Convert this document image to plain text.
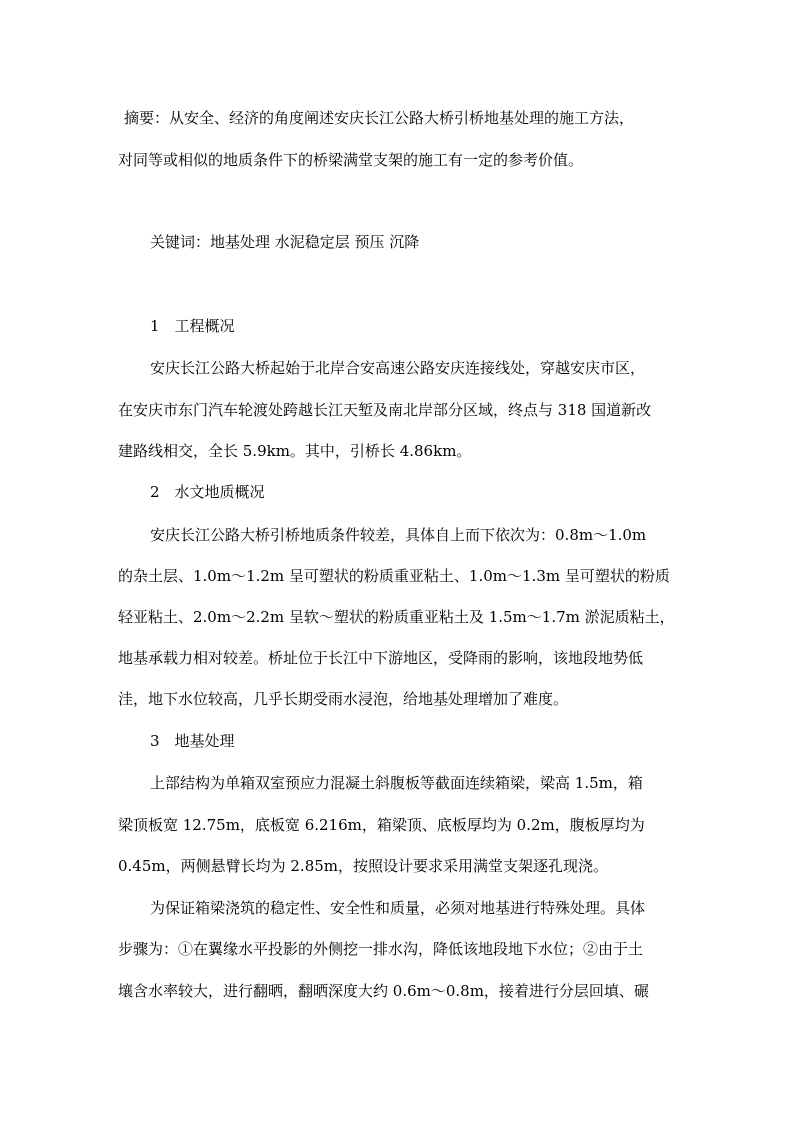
摘要：从安全、经济的角度阐述安庆长江公路大桥引桥地基处理的施工方法，
对同等或相似的地质条件下的桥梁满堂支架的施工有一定的参考价值。
关键词：地基处理 水泥稳定层 预压 沉降
1　工程概况
安庆长江公路大桥起始于北岸合安高速公路安庆连接线处，穿越安庆市区，
在安庆市东门汽车轮渡处跨越长江天堑及南北岸部分区域，终点与 318 国道新改
建路线相交，全长 5.9km。其中，引桥长 4.86km。
2　水文地质概况
安庆长江公路大桥引桥地质条件较差，具体自上而下依次为：0.8m～1.0m
的杂土层、1.0m～1.2m 呈可塑状的粉质重亚粘土、1.0m～1.3m 呈可塑状的粉质
轻亚粘土、2.0m～2.2m 呈软～塑状的粉质重亚粘土及 1.5m～1.7m 淤泥质粘土，
地基承载力相对较差。桥址位于长江中下游地区，受降雨的影响，该地段地势低
洼，地下水位较高，几乎长期受雨水浸泡，给地基处理增加了难度。
3　地基处理
上部结构为单箱双室预应力混凝土斜腹板等截面连续箱梁，梁高 1.5m，箱
梁顶板宽 12.75m，底板宽 6.216m，箱梁顶、底板厚均为 0.2m，腹板厚均为
0.45m，两侧悬臂长均为 2.85m，按照设计要求采用满堂支架逐孔现浇。
为保证箱梁浇筑的稳定性、安全性和质量，必须对地基进行特殊处理。具体
步骤为：①在翼缘水平投影的外侧挖一排水沟，降低该地段地下水位；②由于土
壤含水率较大，进行翻晒，翻晒深度大约 0.6m～0.8m，接着进行分层回填、碾
